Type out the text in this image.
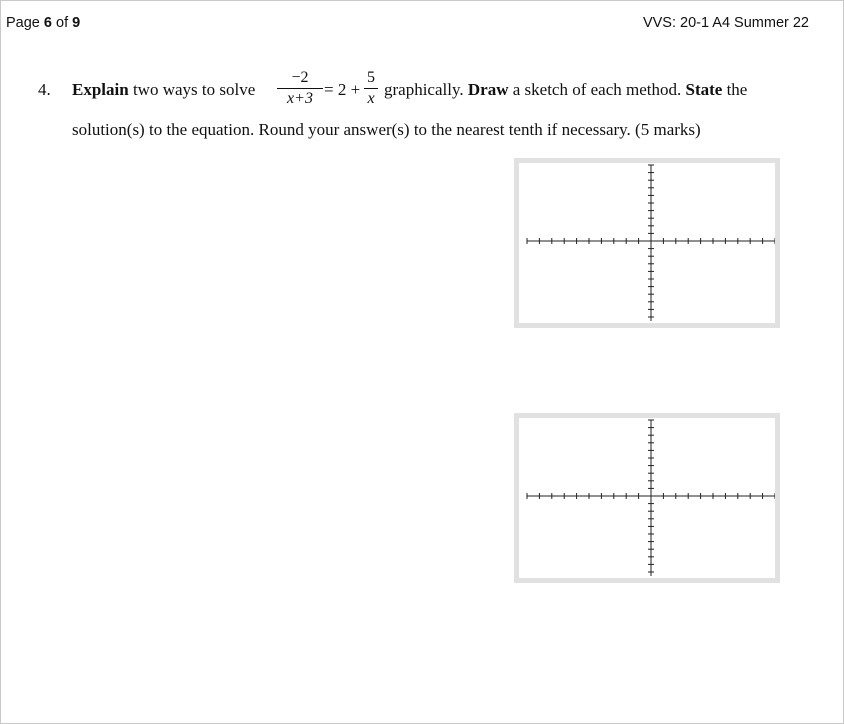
Page 6 of 9	VVS: 20-1 A4 Summer 22
4. Explain two ways to solve
−2
x+3 = 2 +
5
x graphically. Draw a sketch of each method. State the
solution(s) to the equation. Round your answer(s) to the nearest tenth if necessary. (5 marks)
